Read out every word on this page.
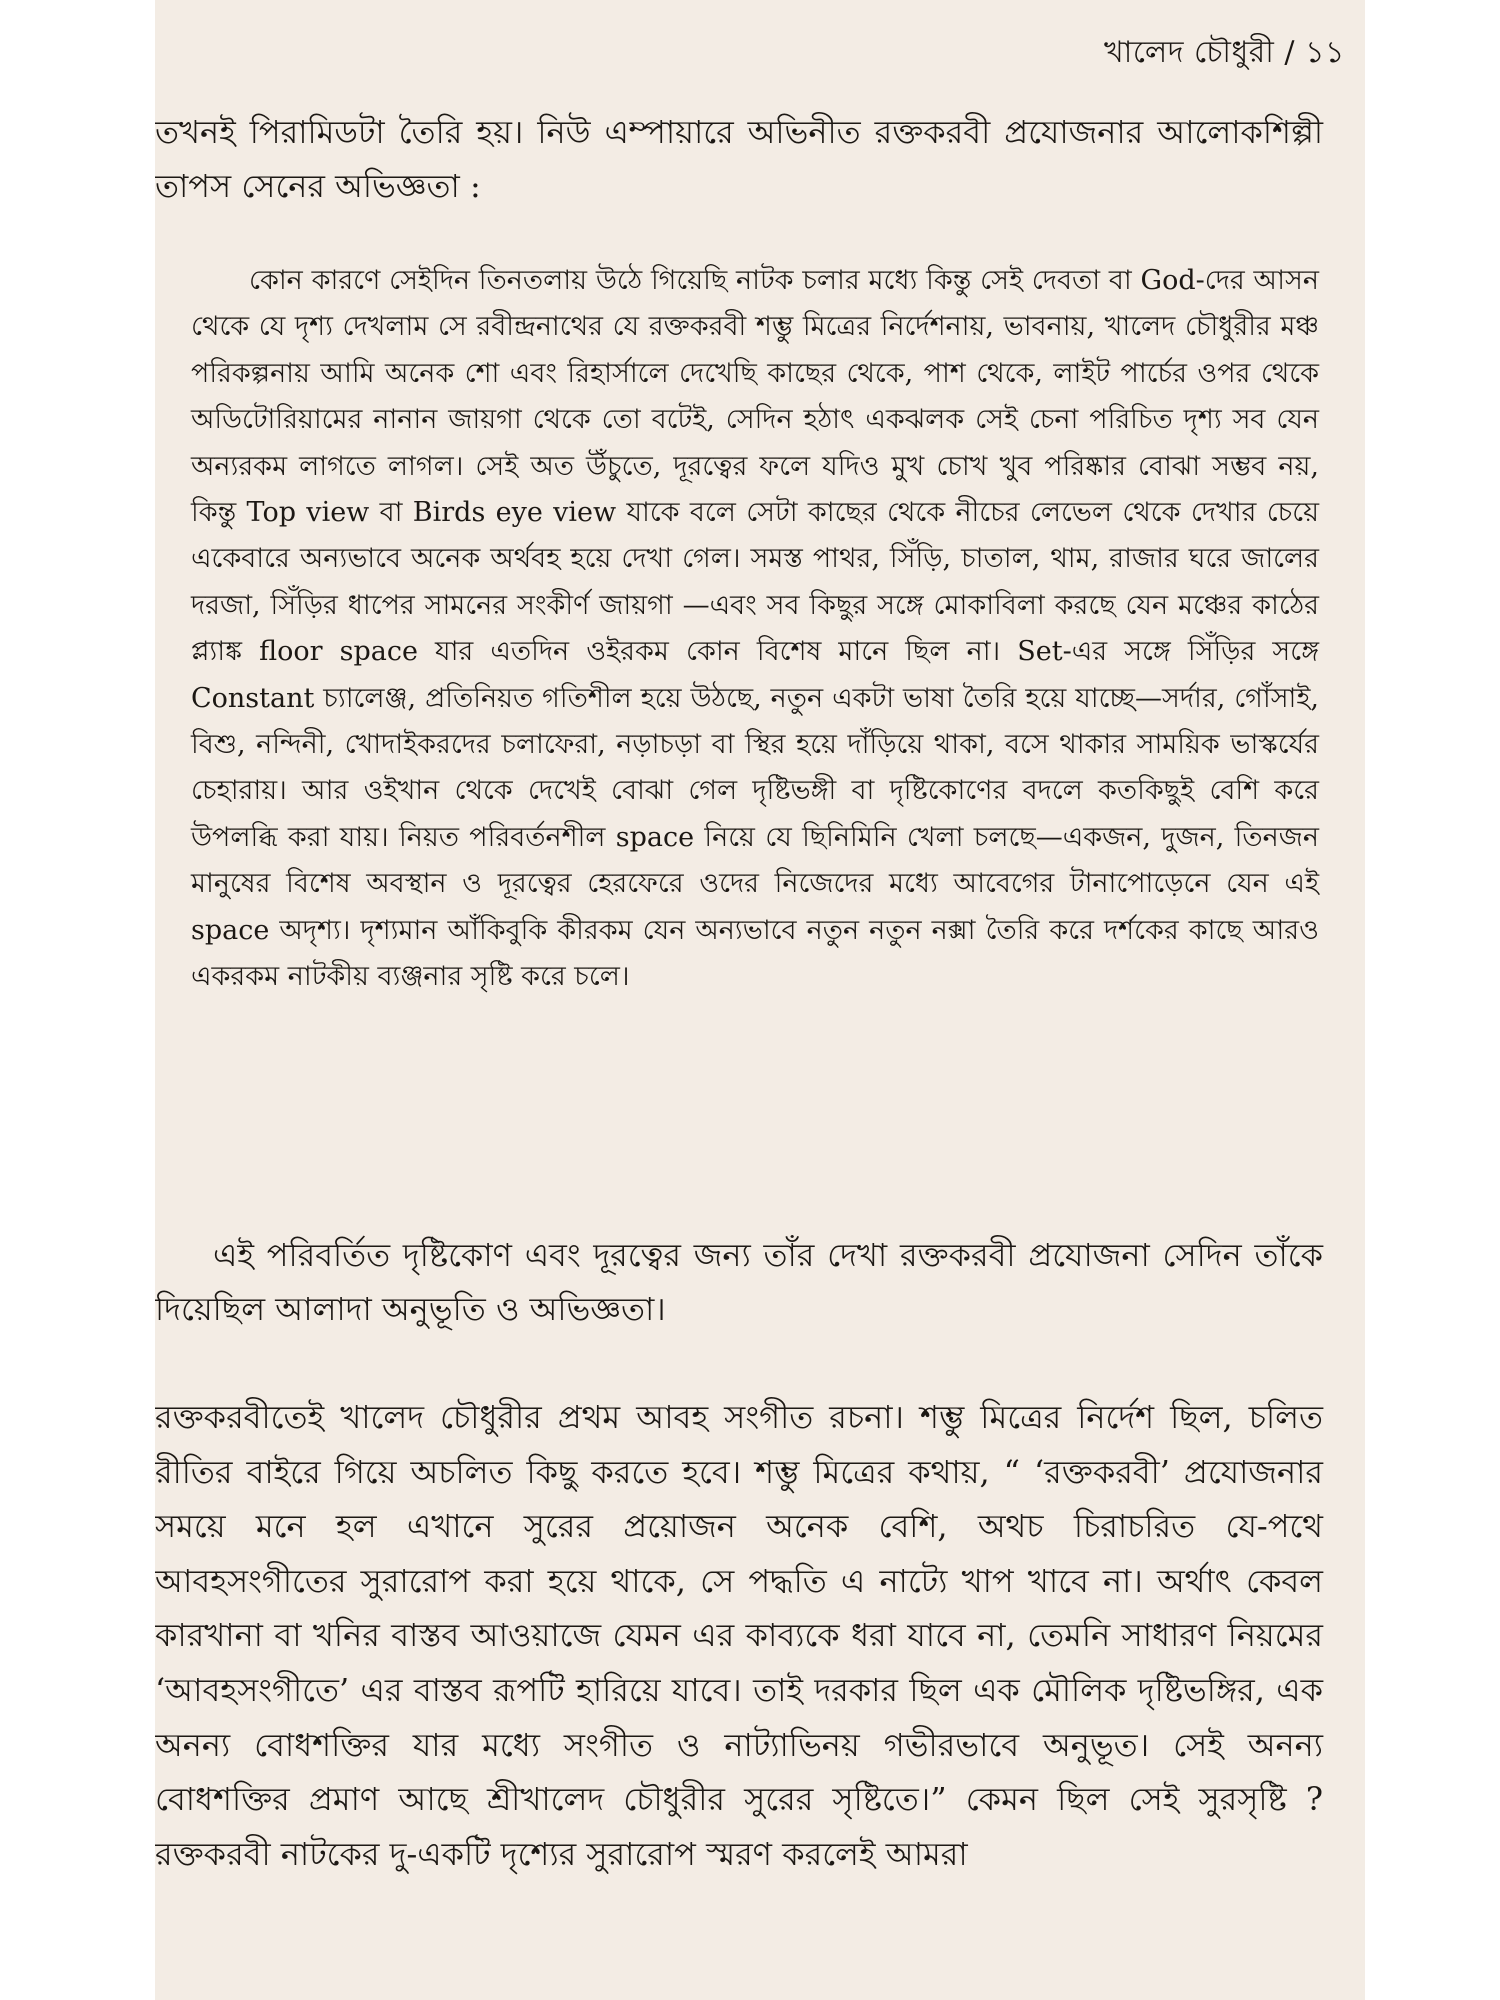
খালেদ চৌধুরী / ১১

তখনই পিরামিডটা তৈরি হয়। নিউ এম্পায়ারে অভিনীত রক্তকরবী প্রযোজনার আলোকশিল্পী তাপস সেনের অভিজ্ঞতা :

কোন কারণে সেইদিন তিনতলায় উঠে গিয়েছি নাটক চলার মধ্যে কিন্তু সেই দেবতা বা God-দের আসন থেকে যে দৃশ্য দেখলাম সে রবীন্দ্রনাথের যে রক্তকরবী শম্ভু মিত্রের নির্দেশনায়, ভাবনায়, খালেদ চৌধুরীর মঞ্চ পরিকল্পনায় আমি অনেক শো এবং রিহার্সালে দেখেছি কাছের থেকে, পাশ থেকে, লাইট পার্চের ওপর থেকে অডিটোরিয়ামের নানান জায়গা থেকে তো বটেই, সেদিন হঠাৎ একঝলক সেই চেনা পরিচিত দৃশ্য সব যেন অন্যরকম লাগতে লাগল। সেই অত উঁচুতে, দূরত্বের ফলে যদিও মুখ চোখ খুব পরিষ্কার বোঝা সম্ভব নয়, কিন্তু Top view বা Birds eye view যাকে বলে সেটা কাছের থেকে নীচের লেভেল থেকে দেখার চেয়ে একেবারে অন্যভাবে অনেক অর্থবহ হয়ে দেখা গেল। সমস্ত পাথর, সিঁড়ি, চাতাল, থাম, রাজার ঘরে জালের দরজা, সিঁড়ির ধাপের সামনের সংকীর্ণ জায়গা —এবং সব কিছুর সঙ্গে মোকাবিলা করছে যেন মঞ্চের কাঠের প্ল্যাঙ্ক floor space যার এতদিন ওইরকম কোন বিশেষ মানে ছিল না। Set-এর সঙ্গে সিঁড়ির সঙ্গে Constant চ্যালেঞ্জ, প্রতিনিয়ত গতিশীল হয়ে উঠছে, নতুন একটা ভাষা তৈরি হয়ে যাচ্ছে—সর্দার, গোঁসাই, বিশু, নন্দিনী, খোদাইকরদের চলাফেরা, নড়াচড়া বা স্থির হয়ে দাঁড়িয়ে থাকা, বসে থাকার সাময়িক ভাস্কর্যের চেহারায়। আর ওইখান থেকে দেখেই বোঝা গেল দৃষ্টিভঙ্গী বা দৃষ্টিকোণের বদলে কতকিছুই বেশি করে উপলব্ধি করা যায়। নিয়ত পরিবর্তনশীল space নিয়ে যে ছিনিমিনি খেলা চলছে—একজন, দুজন, তিনজন মানুষের বিশেষ অবস্থান ও দূরত্বের হেরফেরে ওদের নিজেদের মধ্যে আবেগের টানাপোড়েনে যেন এই space অদৃশ্য। দৃশ্যমান আঁকিবুকি কীরকম যেন অন্যভাবে নতুন নতুন নক্সা তৈরি করে দর্শকের কাছে আরও একরকম নাটকীয় ব্যঞ্জনার সৃষ্টি করে চলে।

এই পরিবর্তিত দৃষ্টিকোণ এবং দূরত্বের জন্য তাঁর দেখা রক্তকরবী প্রযোজনা সেদিন তাঁকে দিয়েছিল আলাদা অনুভূতি ও অভিজ্ঞতা।

রক্তকরবীতেই খালেদ চৌধুরীর প্রথম আবহ সংগীত রচনা। শম্ভু মিত্রের নির্দেশ ছিল, চলিত রীতির বাইরে গিয়ে অচলিত কিছু করতে হবে। শম্ভু মিত্রের কথায়, “ ‘রক্তকরবী’ প্রযোজনার সময়ে মনে হল এখানে সুরের প্রয়োজন অনেক বেশি, অথচ চিরাচরিত যে-পথে আবহসংগীতের সুরারোপ করা হয়ে থাকে, সে পদ্ধতি এ নাট্যে খাপ খাবে না। অর্থাৎ কেবল কারখানা বা খনির বাস্তব আওয়াজে যেমন এর কাব্যকে ধরা যাবে না, তেমনি সাধারণ নিয়মের ‘আবহসংগীতে’ এর বাস্তব রূপটি হারিয়ে যাবে। তাই দরকার ছিল এক মৌলিক দৃষ্টিভঙ্গির, এক অনন্য বোধশক্তির যার মধ্যে সংগীত ও নাট্যাভিনয় গভীরভাবে অনুভূত। সেই অনন্য বোধশক্তির প্রমাণ আছে শ্রীখালেদ চৌধুরীর সুরের সৃষ্টিতে।” কেমন ছিল সেই সুরসৃষ্টি ? রক্তকরবী নাটকের দু-একটি দৃশ্যের সুরারোপ স্মরণ করলেই আমরা
